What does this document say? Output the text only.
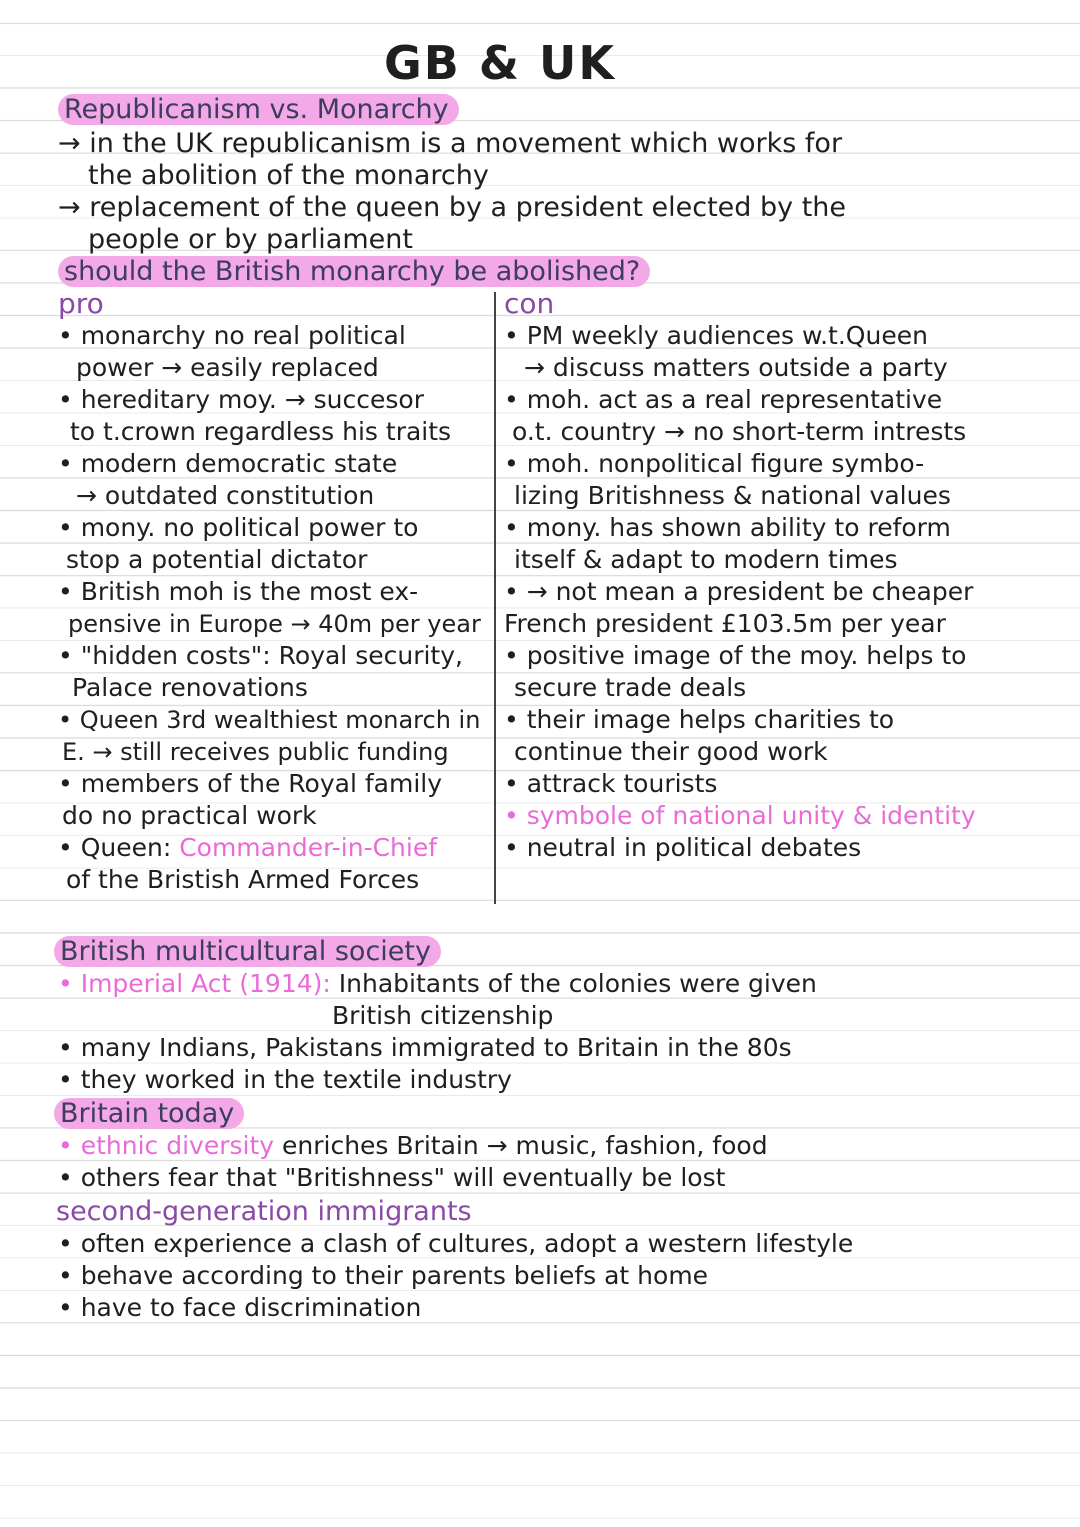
GB & UK
Republicanism vs. Monarchy
→ in the UK republicanism is a movement which works for
the abolition of the monarchy
→ replacement of the queen by a president elected by the
people or by parliament
should the British monarchy be abolished?
pro
• monarchy no real political
power → easily replaced
• hereditary moy. → succesor
to t.crown regardless his traits
• modern democratic state
→ outdated constitution
• mony. no political power to
stop a potential dictator
• British moh is the most ex-
pensive in Europe → 40m per year
• "hidden costs": Royal security,
Palace renovations
• Queen 3rd wealthiest monarch in
E. → still receives public funding
• members of the Royal family
do no practical work
• Queen: Commander-in-Chief
of the Bristish Armed Forces
con
• PM weekly audiences w.t.Queen
→ discuss matters outside a party
• moh. act as a real representative
o.t. country → no short-term intrests
• moh. nonpolitical figure symbo-
lizing Britishness & national values
• mony. has shown ability to reform
itself & adapt to modern times
• → not mean a president be cheaper
French president £103.5m per year
• positive image of the moy. helps to
secure trade deals
• their image helps charities to
continue their good work
• attrack tourists
• symbole of national unity & identity
• neutral in political debates
British multicultural society
• Imperial Act (1914): Inhabitants of the colonies were given
British citizenship
• many Indians, Pakistans immigrated to Britain in the 80s
• they worked in the textile industry
Britain today
• ethnic diversity enriches Britain → music, fashion, food
• others fear that "Britishness" will eventually be lost
second-generation immigrants
• often experience a clash of cultures, adopt a western lifestyle
• behave according to their parents beliefs at home
• have to face discrimination
